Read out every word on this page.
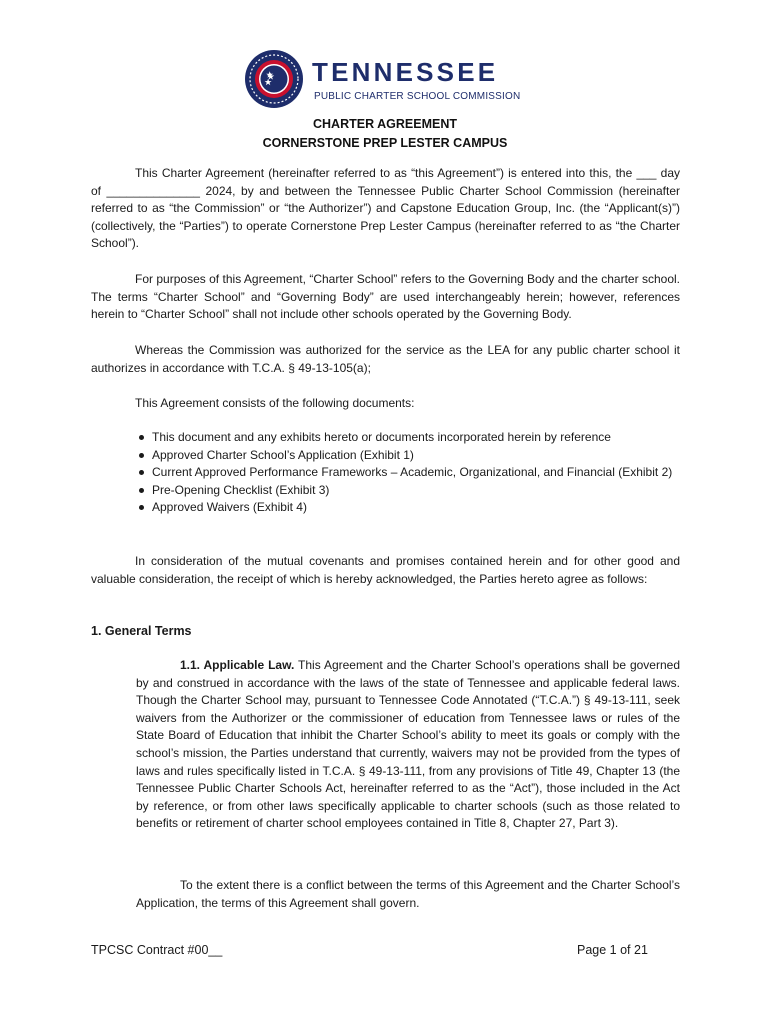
TENNESSEE
PUBLIC CHARTER SCHOOL COMMISSION
CHARTER AGREEMENT
CORNERSTONE PREP LESTER CAMPUS
This Charter Agreement (hereinafter referred to as “this Agreement”) is entered into this, the ___ day of ______________ 2024, by and between the Tennessee Public Charter School Commission (hereinafter referred to as “the Commission” or “the Authorizer”) and Capstone Education Group, Inc. (the “Applicant(s)”) (collectively, the “Parties”) to operate Cornerstone Prep Lester Campus (hereinafter referred to as “the Charter School”).
For purposes of this Agreement, “Charter School” refers to the Governing Body and the charter school. The terms “Charter School” and “Governing Body” are used interchangeably herein; however, references herein to “Charter School” shall not include other schools operated by the Governing Body.
Whereas the Commission was authorized for the service as the LEA for any public charter school it authorizes in accordance with T.C.A. § 49-13-105(a);
This Agreement consists of the following documents:
This document and any exhibits hereto or documents incorporated herein by reference
Approved Charter School’s Application (Exhibit 1)
Current Approved Performance Frameworks – Academic, Organizational, and Financial (Exhibit 2)
Pre-Opening Checklist (Exhibit 3)
Approved Waivers (Exhibit 4)
In consideration of the mutual covenants and promises contained herein and for other good and valuable consideration, the receipt of which is hereby acknowledged, the Parties hereto agree as follows:
1. General Terms
1.1. Applicable Law. This Agreement and the Charter School’s operations shall be governed by and construed in accordance with the laws of the state of Tennessee and applicable federal laws. Though the Charter School may, pursuant to Tennessee Code Annotated (“T.C.A.”) § 49-13-111, seek waivers from the Authorizer or the commissioner of education from Tennessee laws or rules of the State Board of Education that inhibit the Charter School’s ability to meet its goals or comply with the school’s mission, the Parties understand that currently, waivers may not be provided from the types of laws and rules specifically listed in T.C.A. § 49-13-111, from any provisions of Title 49, Chapter 13 (the Tennessee Public Charter Schools Act, hereinafter referred to as the “Act”), those included in the Act by reference, or from other laws specifically applicable to charter schools (such as those related to benefits or retirement of charter school employees contained in Title 8, Chapter 27, Part 3).
To the extent there is a conflict between the terms of this Agreement and the Charter School’s Application, the terms of this Agreement shall govern.
TPCSC Contract #00__	Page 1 of 21
